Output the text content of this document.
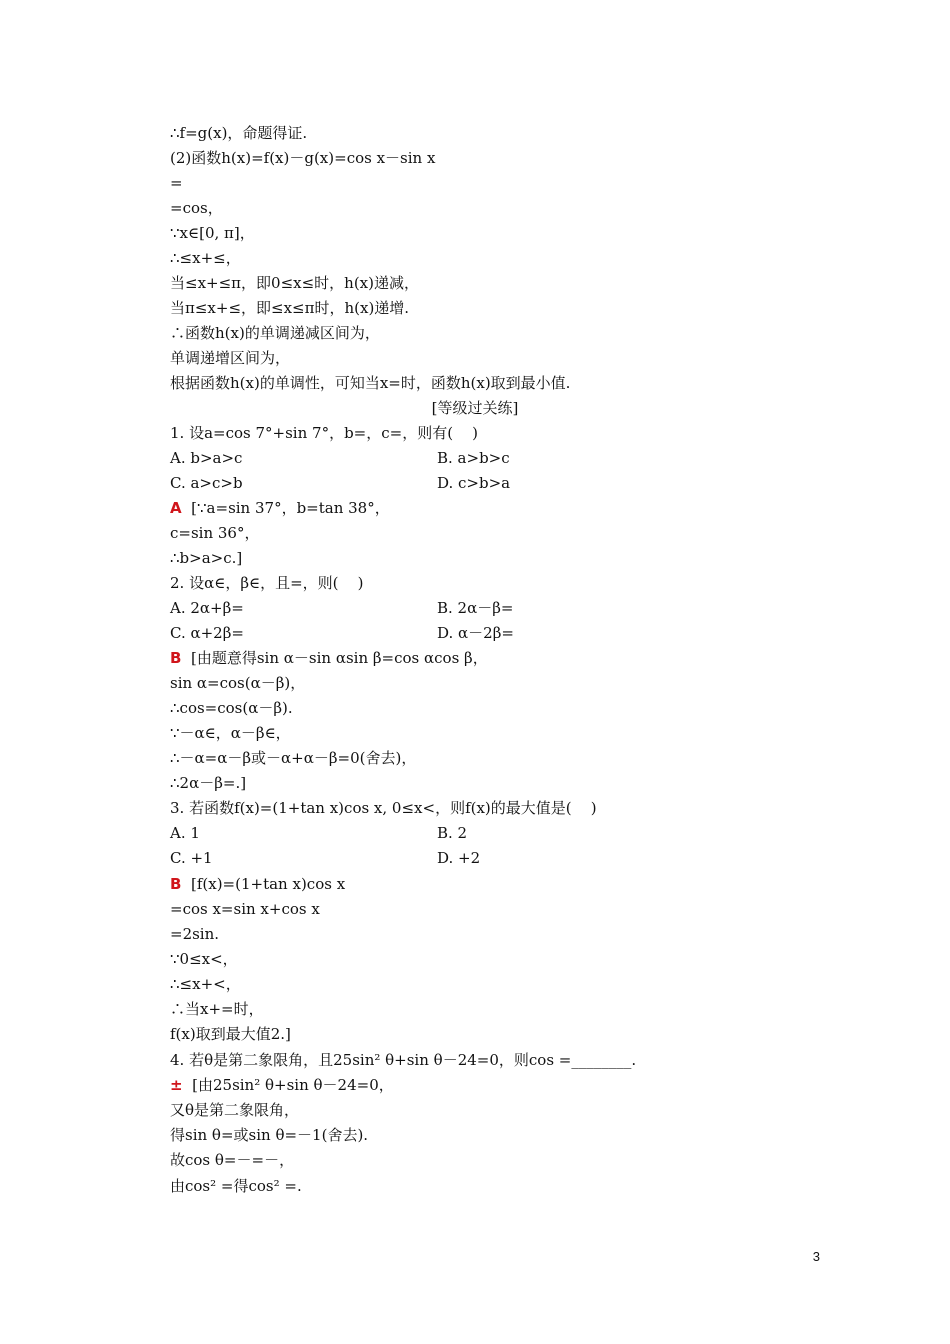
∴f=g(x)，命题得证.
(2)函数h(x)=f(x)－g(x)=cos x－sin x
=
=cos，
∵x∈[0, π]，
∴≤x+≤，
当≤x+≤π，即0≤x≤时，h(x)递减，
当π≤x+≤，即≤x≤π时，h(x)递增.
∴函数h(x)的单调递减区间为，
单调递增区间为，
根据函数h(x)的单调性，可知当x=时，函数h(x)取到最小值.
[等级过关练]
1. 设a=cos 7°+sin 7°，b=，c=，则有(    )
A. b>a>c	B. a>b>c
C. a>c>b	D. c>b>a
A [∵a=sin 37°，b=tan 38°，
c=sin 36°，
∴b>a>c.]
2. 设α∈，β∈，且=，则(    )
A. 2α+β=	B. 2α－β=
C. α+2β=	D. α－2β=
B [由题意得sin α－sin αsin β=cos αcos β，
sin α=cos(α－β)，
∴cos=cos(α－β).
∵－α∈，α－β∈，
∴－α=α－β或－α+α－β=0(舍去)，
∴2α－β=.]
3. 若函数f(x)=(1+tan x)cos x, 0≤x<，则f(x)的最大值是(    )
A. 1	B. 2
C. +1	D. +2
B [f(x)=(1+tan x)cos x
=cos x=sin x+cos x
=2sin.
∵0≤x<，
∴≤x+<，
∴当x+=时，
f(x)取到最大值2.]
4. 若θ是第二象限角，且25sin² θ+sin θ－24=0，则cos =________.
± [由25sin² θ+sin θ－24=0，
又θ是第二象限角，
得sin θ=或sin θ=－1(舍去).
故cos θ=－=－，
由cos² =得cos² =.
3
